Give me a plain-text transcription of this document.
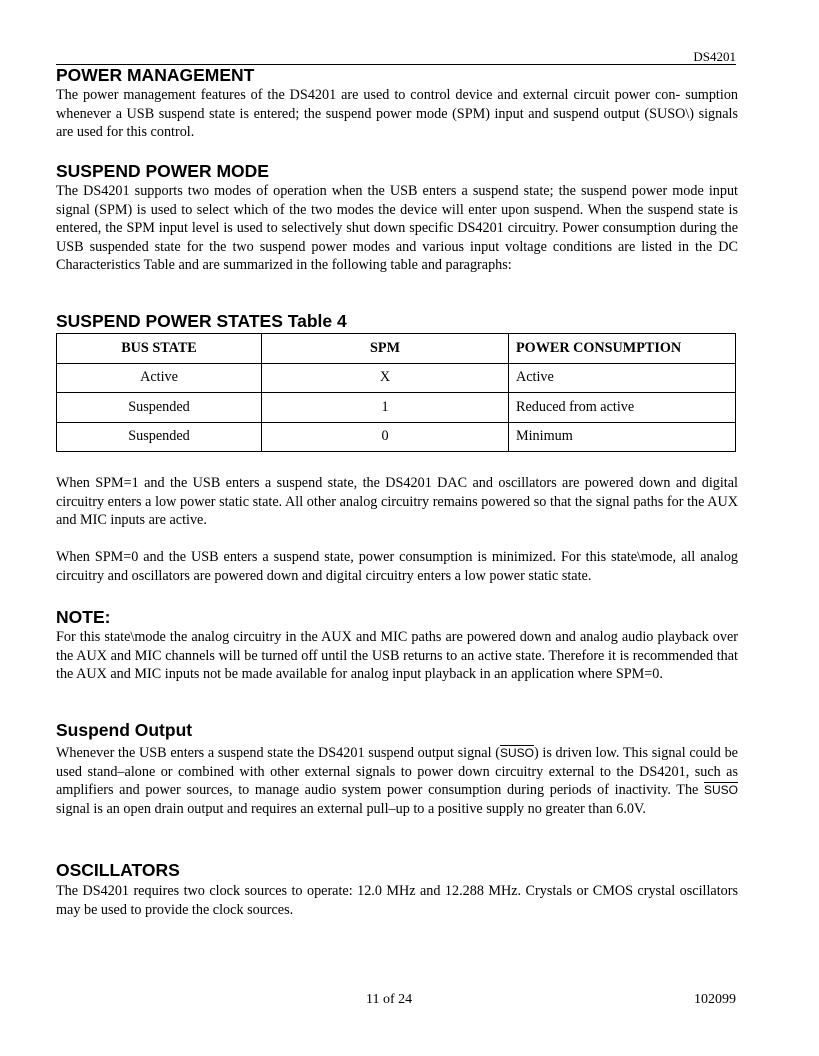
DS4201
POWER MANAGEMENT

The power management features of the DS4201 are used to control device and external circuit power con- sumption whenever a USB suspend state is entered; the suspend power mode (SPM) input and suspend output (SUSO\) signals are used for this control.

SUSPEND POWER MODE

The DS4201 supports two modes of operation when the USB enters a suspend state; the suspend power mode input signal (SPM) is used to select which of the two modes the device will enter upon suspend. When the suspend state is entered, the SPM input level is used to selectively shut down specific DS4201 circuitry. Power consumption during the USB suspended state for the two suspend power modes and various input voltage conditions are listed in the DC Characteristics Table and are summarized in the following table and paragraphs:

SUSPEND POWER STATES Table 4
BUS STATE	SPM	POWER CONSUMPTION
Active	X	Active
Suspended	1	Reduced from active
Suspended	0	Minimum

When SPM=1 and the USB enters a suspend state, the DS4201 DAC and oscillators are powered down and digital circuitry enters a low power static state. All other analog circuitry remains powered so that the signal paths for the AUX and MIC inputs are active.

When SPM=0 and the USB enters a suspend state, power consumption is minimized. For this state\mode, all analog circuitry and oscillators are powered down and digital circuitry enters a low power static state.

NOTE:

For this state\mode the analog circuitry in the AUX and MIC paths are powered down and analog audio playback over the AUX and MIC channels will be turned off until the USB returns to an active state. Therefore it is recommended that the AUX and MIC inputs not be made available for analog input playback in an application where SPM=0.

Suspend Output

Whenever the USB enters a suspend state the DS4201 suspend output signal (SUSO) is driven low. This signal could be used stand–alone or combined with other external signals to power down circuitry external to the DS4201, such as amplifiers and power sources, to manage audio system power consumption during periods of inactivity. The SUSO signal is an open drain output and requires an external pull–up to a positive supply no greater than 6.0V.

OSCILLATORS

The DS4201 requires two clock sources to operate: 12.0 MHz and 12.288 MHz. Crystals or CMOS crystal oscillators may be used to provide the clock sources.

11 of 24	102099
